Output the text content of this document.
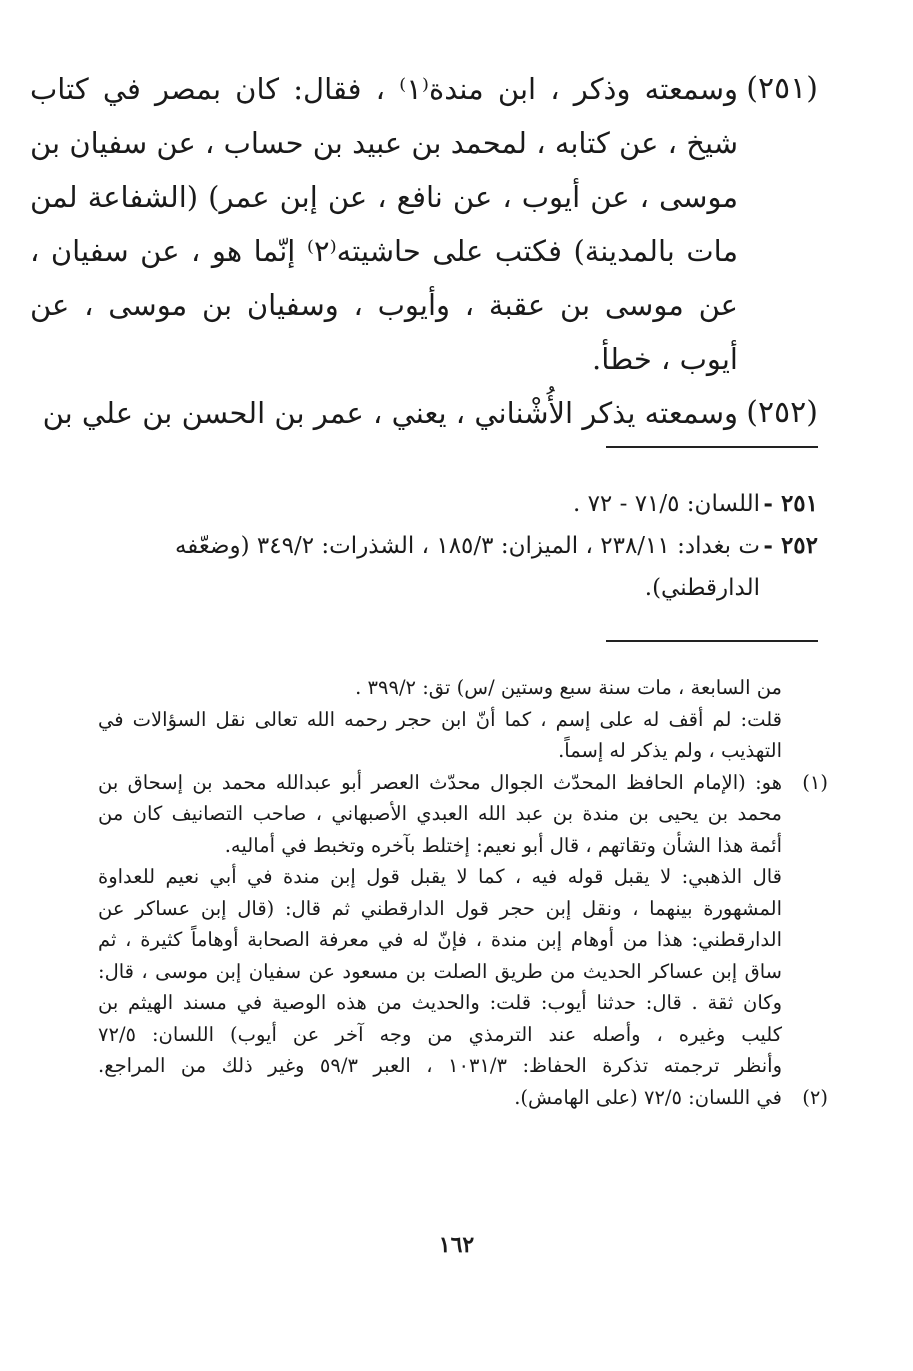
(٢٥١)
وسمعته وذكر ، ابن مندة⁽١⁾ ، فقال: كان بمصر في كتاب
شيخ ، عن كتابه ، لمحمد بن عبيد بن حساب ، عن سفيان بن
موسى ، عن أيوب ، عن نافع ، عن إبن عمر) (الشفاعة لمن
مات بالمدينة) فكتب على حاشيته⁽٢⁾ إنّما هو ، عن سفيان ،
عن موسى بن عقبة ، وأيوب ، وسفيان بن موسى ، عن
أيوب ، خطأ.
(٢٥٢)
وسمعته يذكر الأُشْناني ، يعني ، عمر بن الحسن بن علي بن
٢٥١ -
اللسان: ٧١/٥ - ٧٢ .
٢٥٢ -
ت بغداد: ٢٣٨/١١ ، الميزان: ١٨٥/٣ ، الشذرات: ٣٤٩/٢ (وضعّفه
الدارقطني).
من السابعة ، مات سنة سبع وستين /س) تق: ٣٩٩/٢ .
قلت: لم أقف له على إسم ، كما أنّ ابن حجر رحمه الله تعالى نقل السؤالات في
التهذيب ، ولم يذكر له إسماً.
(١)
هو: (الإمام الحافظ المحدّث الجوال محدّث العصر أبو عبدالله محمد بن إسحاق بن
محمد بن يحيى بن مندة بن عبد الله العبدي الأصبهاني ، صاحب التصانيف كان من
أئمة هذا الشأن وتقاتهم ، قال أبو نعيم: إختلط بآخره وتخبط في أماليه.
قال الذهبي: لا يقبل قوله فيه ، كما لا يقبل قول إبن مندة في أبي نعيم للعداوة
المشهورة بينهما ، ونقل إبن حجر قول الدارقطني ثم قال: (قال إبن عساكر عن
الدارقطني: هذا من أوهام إبن مندة ، فإنّ له في معرفة الصحابة أوهاماً كثيرة ، ثم
ساق إبن عساكر الحديث من طريق الصلت بن مسعود عن سفيان إبن موسى ، قال:
وكان ثقة . قال: حدثنا أيوب: قلت: والحديث من هذه الوصية في مسند الهيثم بن
كليب وغيره ، وأصله عند الترمذي من وجه آخر عن أيوب) اللسان: ٧٢/٥
وأنظر ترجمته تذكرة الحفاظ: ١٠٣١/٣ ، العبر ٥٩/٣ وغير ذلك من المراجع.
(٢)
في اللسان: ٧٢/٥ (على الهامش).
١٦٢
